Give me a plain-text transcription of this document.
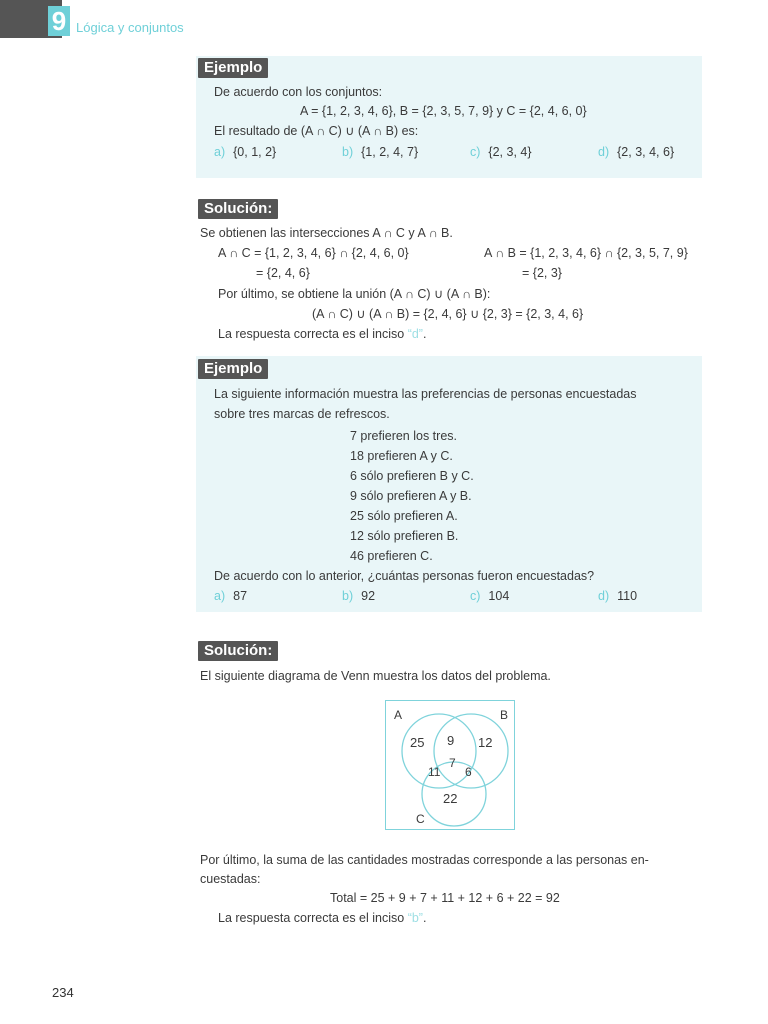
9 Lógica y conjuntos
Ejemplo
De acuerdo con los conjuntos:
A = {1, 2, 3, 4, 6}, B = {2, 3, 5, 7, 9} y C = {2, 4, 6, 0}
El resultado de (A ∩ C) ∪ (A ∩ B) es:
a) {0, 1, 2}	b) {1, 2, 4, 7}	c) {2, 3, 4}	d) {2, 3, 4, 6}
Solución:
Se obtienen las intersecciones A ∩ C y A ∩ B.
A ∩ C = {1, 2, 3, 4, 6} ∩ {2, 4, 6, 0}
= {2, 4, 6}
A ∩ B = {1, 2, 3, 4, 6} ∩ {2, 3, 5, 7, 9}
= {2, 3}
Por último, se obtiene la unión (A ∩ C) ∪ (A ∩ B):
(A ∩ C) ∪ (A ∩ B) = {2, 4, 6} ∪ {2, 3} = {2, 3, 4, 6}
La respuesta correcta es el inciso “d”.
Ejemplo
La siguiente información muestra las preferencias de personas encuestadas
sobre tres marcas de refrescos.
7 prefieren los tres.
18 prefieren A y C.
6 sólo prefieren B y C.
9 sólo prefieren A y B.
25 sólo prefieren A.
12 sólo prefieren B.
46 prefieren C.
De acuerdo con lo anterior, ¿cuántas personas fueron encuestadas?
a) 87	b) 92	c) 104	d) 110
Solución:
El siguiente diagrama de Venn muestra los datos del problema.
A	B
C
25 9 12
7
11 6
22
Por último, la suma de las cantidades mostradas corresponde a las personas en-
cuestadas:
Total = 25 + 9 + 7 + 11 + 12 + 6 + 22 = 92
La respuesta correcta es el inciso “b”.
234
